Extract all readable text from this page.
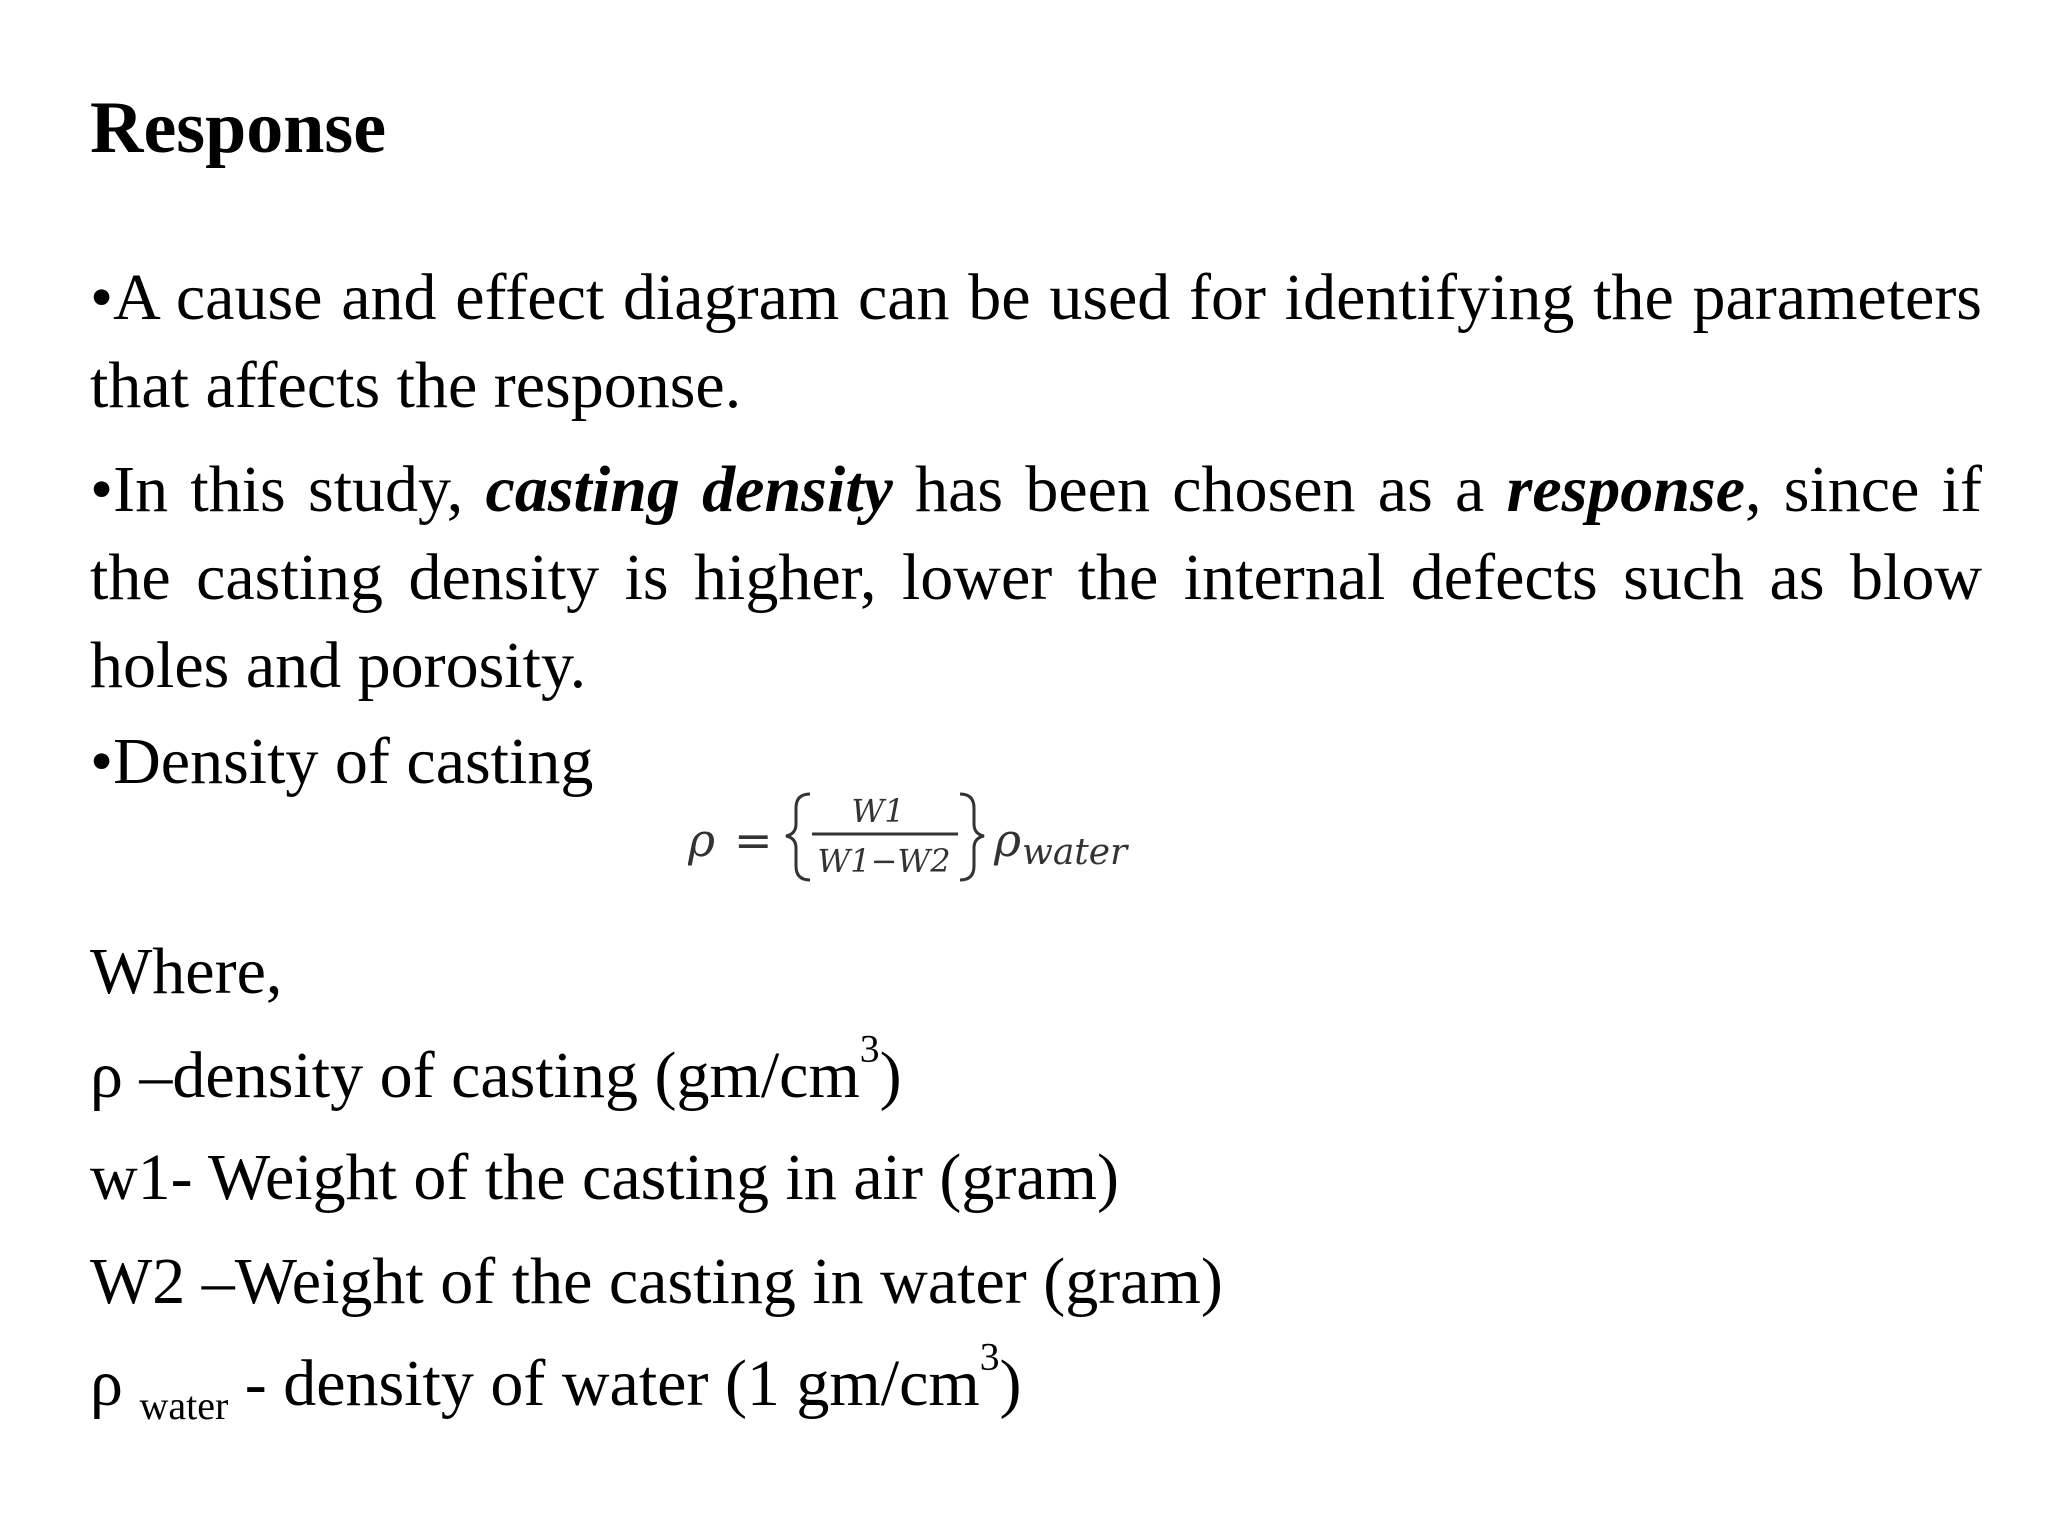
Response

•A cause and effect diagram can be used for identifying the parameters that affects the response.

•In this study, casting density has been chosen as a response, since if the casting density is higher, lower the internal defects such as blow holes and porosity.

•Density of casting

ρ =
W1
W1−W2 ρ water

Where,

ρ –density of casting $(gm/cm^3)$

w1- Weight of the casting in air (gram)

W2 –Weight of the casting in water (gram)

ρ $_{water}$ - density of water (1 $gm/cm^3$)
